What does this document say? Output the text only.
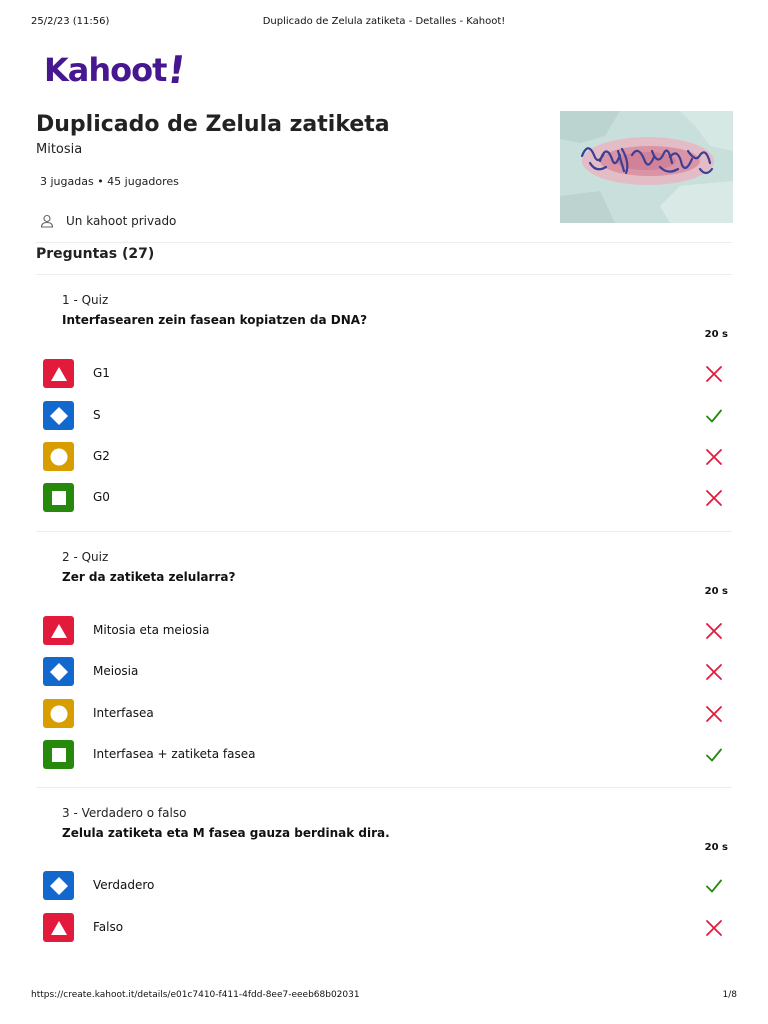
25/2/23 (11:56)	Duplicado de Zelula zatiketa - Detalles - Kahoot!
Kahoot
!
Duplicado de Zelula zatiketa
Mitosia
3 jugadas • 45 jugadores
Un kahoot privado
Preguntas (27)
1 - Quiz
Interfasearen zein fasean kopiatzen da DNA?
20 s
G1
S
G2
G0
2 - Quiz
Zer da zatiketa zelularra?
20 s
Mitosia eta meiosia
Meiosia
Interfasea
Interfasea + zatiketa fasea
3 - Verdadero o falso
Zelula zatiketa eta M fasea gauza berdinak dira.
20 s
Verdadero
Falso
https://create.kahoot.it/details/e01c7410-f411-4fdd-8ee7-eeeb68b02031	1/8
